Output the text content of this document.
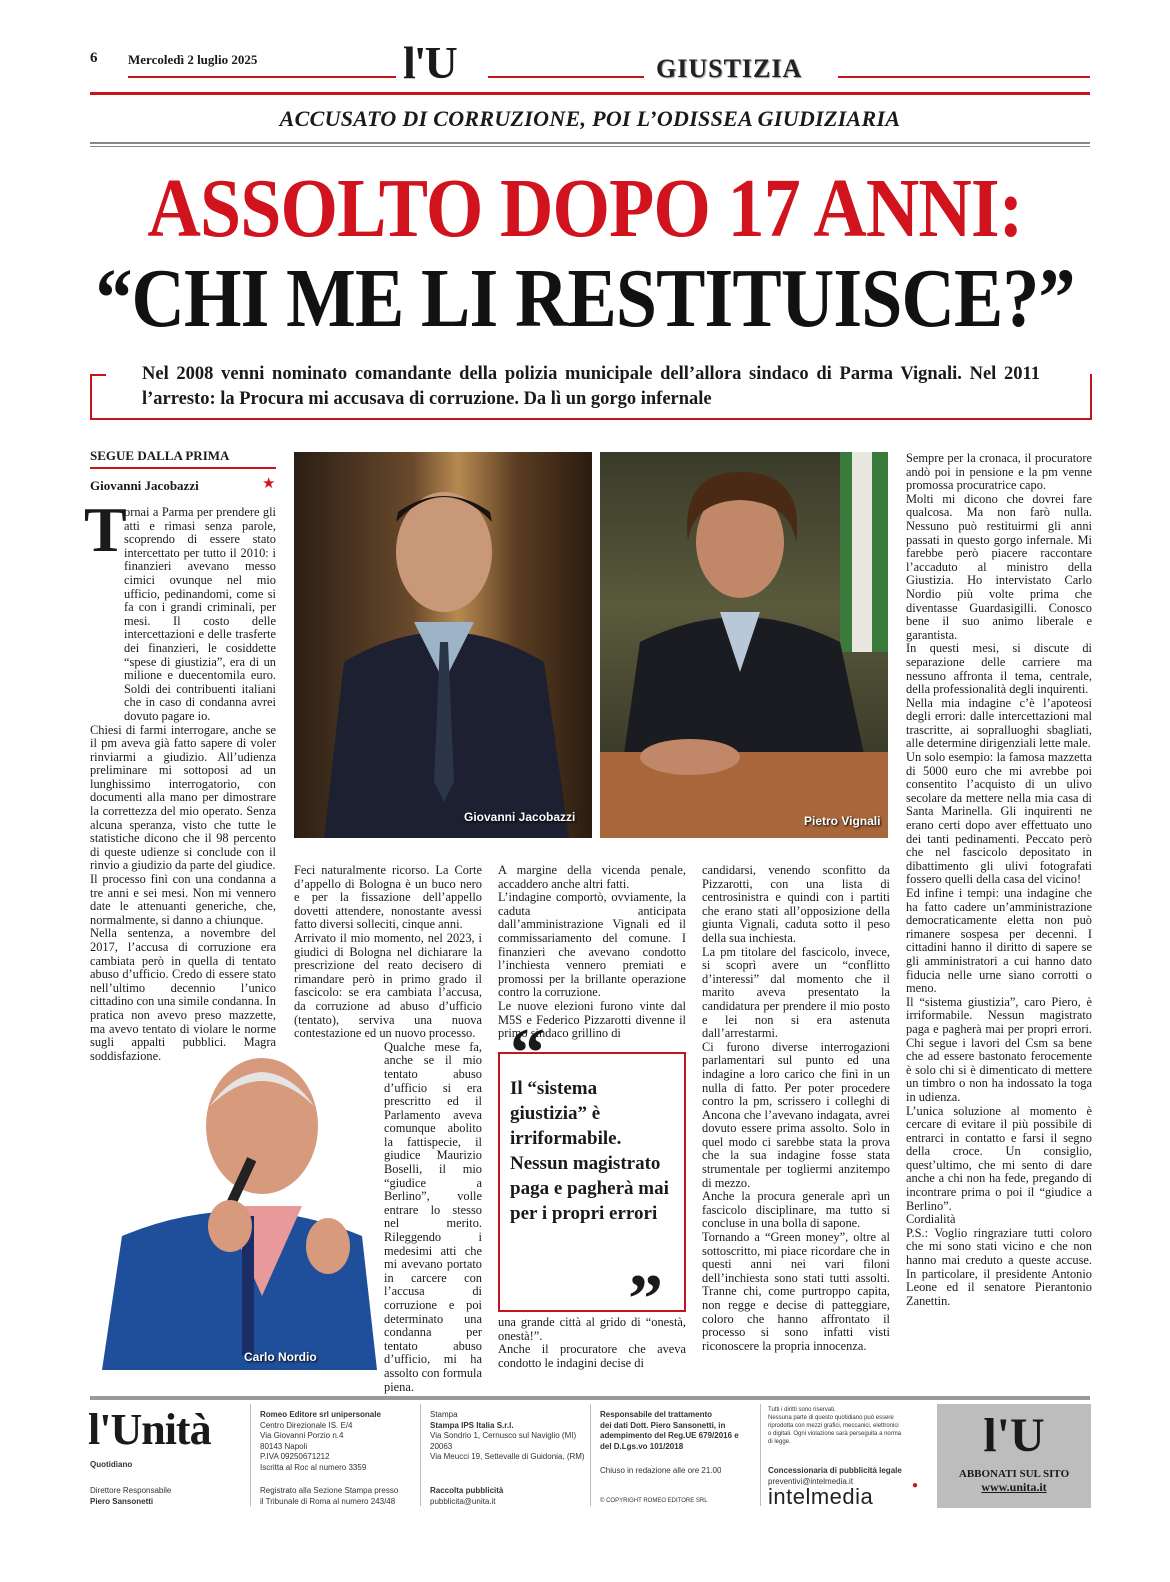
6 Mercoledì 2 luglio 2025	l'U	GIUSTIZIA
ACCUSATO DI CORRUZIONE, POI L’ODISSEA GIUDIZIARIA
ASSOLTO DOPO 17 ANNI:
“CHI ME LI RESTITUISCE?”
Nel 2008 venni nominato comandante della polizia municipale dell’allora sindaco di Parma Vignali. Nel 2011 l’arresto: la Procura mi accusava di corruzione. Da lì un gorgo infernale
SEGUE DALLA PRIMA
Giovanni Jacobazzi	★
T

ornai a Parma per prendere gli atti e rimasi senza parole, scoprendo di essere stato intercettato per tutto il 2010: i finanzieri avevano messo cimici ovunque nel mio ufficio, pedinandomi, come si fa con i grandi criminali, per mesi. Il costo delle intercettazioni e delle trasferte dei finanzieri, le cosiddette “spese di giustizia”, era di un milione e duecentomila euro. Soldi dei contribuenti italiani che in caso di condanna avrei dovuto pagare io.

Chiesi di farmi interrogare, anche se il pm aveva già fatto sapere di voler rinviarmi a giudizio. All’udienza preliminare mi sottoposi ad un lunghissimo interrogatorio, con documenti alla mano per dimostrare la correttezza del mio operato. Senza alcuna speranza, visto che tutte le statistiche dicono che il 98 percento di queste udienze si conclude con il rinvio a giudizio da parte del giudice.

Il processo finì con una condanna a tre anni e sei mesi. Non mi vennero date le attenuanti generiche, che, normalmente, si danno a chiunque.

Nella sentenza, a novembre del 2017, l’accusa di corruzione era cambiata però in quella di tentato abuso d’ufficio. Credo di essere stato nell’ultimo decennio l’unico cittadino con una simile condanna. In pratica non avevo preso mazzette, ma avevo tentato di violare le norme sugli appalti pubblici. Magra soddisfazione.

Giovanni Jacobazzi	Pietro Vignali
Carlo Nordio

Feci naturalmente ricorso. La Corte d’appello di Bologna è un buco nero e per la fissazione dell’appello dovetti attendere, nonostante avessi fatto diversi solleciti, cinque anni.

Arrivato il mio momento, nel 2023, i giudici di Bologna nel dichiarare la prescrizione del reato decisero di rimandare però in primo grado il fascicolo: se era cambiata l’accusa, da corruzione ad abuso d’ufficio (tentato), serviva una nuova contestazione ed un nuovo processo.

Qualche mese fa, anche se il mio tentato abuso d’ufficio si era prescritto ed il Parlamento aveva comunque abolito la fattispecie, il giudice Maurizio Boselli, il mio “giudice a Berlino”, volle entrare lo stesso nel merito. Rileggendo i medesimi atti che mi avevano portato in carcere con l’accusa di corruzione e poi determinato una condanna per tentato abuso d’ufficio, mi ha assolto con formula piena.

A margine della vicenda penale, accaddero anche altri fatti.

L’indagine comportò, ovviamente, la caduta anticipata dall’amministrazione Vignali ed il commissariamento del comune. I finanzieri che avevano condotto l’inchiesta vennero premiati e promossi per la brillante operazione contro la corruzione.

Le nuove elezioni furono vinte dal M5S e Federico Pizzarotti divenne il primo sindaco grillino di

una grande città al grido di “onestà, onestà!”.

Anche il procuratore che aveva condotto le indagini decise di

“
Il “sistema giustizia” è irriformabile. Nessun magistrato paga e pagherà mai per i propri errori
”

candidarsi, venendo sconfitto da Pizzarotti, con una lista di centrosinistra e quindi con i partiti che erano stati all’opposizione della giunta Vignali, caduta sotto il peso della sua inchiesta.

La pm titolare del fascicolo, invece, si scoprì avere un “conflitto d’interessi” dal momento che il marito aveva presentato la candidatura per prendere il mio posto e lei non si era astenuta dall’arrestarmi.

Ci furono diverse interrogazioni parlamentari sul punto ed una indagine a loro carico che finì in un nulla di fatto. Per poter procedere contro la pm, scrissero i colleghi di Ancona che l’avevano indagata, avrei dovuto essere prima assolto. Solo in quel modo ci sarebbe stata la prova che la sua indagine fosse stata strumentale per togliermi anzitempo di mezzo.

Anche la procura generale aprì un fascicolo disciplinare, ma tutto si concluse in una bolla di sapone.

Tornando a “Green money”, oltre al sottoscritto, mi piace ricordare che in questi anni nei vari filoni dell’inchiesta sono stati tutti assolti. Tranne chi, come purtroppo capita, non regge e decise di patteggiare, coloro che hanno affrontato il processo si sono infatti visti riconoscere la propria innocenza.

Sempre per la cronaca, il procuratore andò poi in pensione e la pm venne promossa procuratrice capo.

Molti mi dicono che dovrei fare qualcosa. Ma non farò nulla. Nessuno può restituirmi gli anni passati in questo gorgo infernale. Mi farebbe però piacere raccontare l’accaduto al ministro della Giustizia. Ho intervistato Carlo Nordio più volte prima che diventasse Guardasigilli. Conosco bene il suo animo liberale e garantista.

In questi mesi, si discute di separazione delle carriere ma nessuno affronta il tema, centrale, della professionalità degli inquirenti.

Nella mia indagine c’è l’apoteosi degli errori: dalle intercettazioni mal trascritte, ai sopralluoghi sbagliati, alle determine dirigenziali lette male.

Un solo esempio: la famosa mazzetta di 5000 euro che mi avrebbe poi consentito l’acquisto di un ulivo secolare da mettere nella mia casa di Santa Marinella. Gli inquirenti ne erano certi dopo aver effettuato uno dei tanti pedinamenti. Peccato però che nel fascicolo depositato in dibattimento gli ulivi fotografati fossero quelli della casa del vicino!

Ed infine i tempi: una indagine che ha fatto cadere un’amministrazione democraticamente eletta non può rimanere sospesa per decenni. I cittadini hanno il diritto di sapere se gli amministratori a cui hanno dato fiducia nelle urne siano corrotti o meno.

Il “sistema giustizia”, caro Piero, è irriformabile. Nessun magistrato paga e pagherà mai per propri errori. Chi segue i lavori del Csm sa bene che ad essere bastonato ferocemente è solo chi si è dimenticato di mettere un timbro o non ha indossato la toga in udienza.

L’unica soluzione al momento è cercare di evitare il più possibile di entrarci in contatto e farsi il segno della croce. Un consiglio, quest’ultimo, che mi sento di dare anche a chi non ha fede, pregando di incontrare prima o poi il “giudice a Berlino”.

Cordialità

P.S.: Voglio ringraziare tutti coloro che mi sono stati vicino e che non hanno mai creduto a queste accuse. In particolare, il presidente Antonio Leone ed il senatore Pierantonio Zanettin.

l'Unità
Quotidiano
Direttore Responsabile
Piero Sansonetti
Romeo Editore srl unipersonale
Centro Direzionale IS. E/4
Via Giovanni Porzio n.4
80143 Napoli
P.IVA 09250671212
Iscritta al Roc al numero 3359
Registrato alla Sezione Stampa presso
il Tribunale di Roma al numero 243/48
Stampa
Stampa IPS Italia S.r.l.
Via Sondrio 1, Cernusco sul Naviglio (MI)
20063
Via Meucci 19, Settevalle di Guidonia, (RM)
Raccolta pubblicità
pubblicita@unita.it
Responsabile del trattamento
dei dati Dott. Piero Sansonetti, in
adempimento del Reg.UE 679/2016 e
del D.Lgs.vo 101/2018
Chiuso in redazione alle ore 21.00
© COPYRIGHT ROMEO EDITORE SRL
Tutti i diritti sono riservati.
Nessuna parte di questo quotidiano può essere
riprodotta con mezzi grafici, meccanici, elettronici
o digitali. Ogni violazione sarà perseguita a norma
di legge.
Concessionaria di pubblicità legale
preventivi@intelmedia.it
intelmedia	●
l'U
ABBONATI SUL SITO
www.unita.it
